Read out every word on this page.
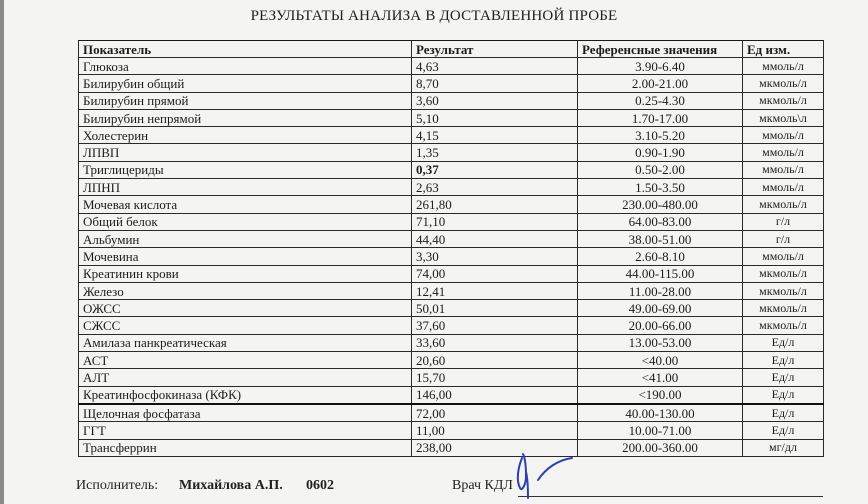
РЕЗУЛЬТАТЫ АНАЛИЗА В ДОСТАВЛЕННОЙ ПРОБЕ
Показатель	Результат	Референсные значения	Ед изм.
Глюкоза	4,63	3.90-6.40	ммоль/л
Билирубин общий	8,70	2.00-21.00	мкмоль/л
Билирубин прямой	3,60	0.25-4.30	мкмоль/л
Билирубин непрямой	5,10	1.70-17.00	мкмоль\л
Холестерин	4,15	3.10-5.20	ммоль/л
ЛПВП	1,35	0.90-1.90	ммоль/л
Триглицериды	0,37	0.50-2.00	ммоль/л
ЛПНП	2,63	1.50-3.50	ммоль/л
Мочевая кислота	261,80	230.00-480.00	мкмоль/л
Общий белок	71,10	64.00-83.00	г/л
Альбумин	44,40	38.00-51.00	г/л
Мочевина	3,30	2.60-8.10	ммоль/л
Креатинин крови	74,00	44.00-115.00	мкмоль/л
Железо	12,41	11.00-28.00	мкмоль/л
ОЖСС	50,01	49.00-69.00	мкмоль/л
СЖСС	37,60	20.00-66.00	мкмоль/л
Амилаза панкреатическая	33,60	13.00-53.00	Ед/л
АСТ	20,60	<40.00	Ед/л
АЛТ	15,70	<41.00	Ед/л
Креатинфосфокиназа (КФК)	146,00	<190.00	Ед/л
Щелочная фосфатаза	72,00	40.00-130.00	Ед/л
ГГТ	11,00	10.00-71.00	Ед/л
Трансферрин	238,00	200.00-360.00	мг/дл
Исполнитель: Михайлова А.П. 0602	Врач КДЛ
